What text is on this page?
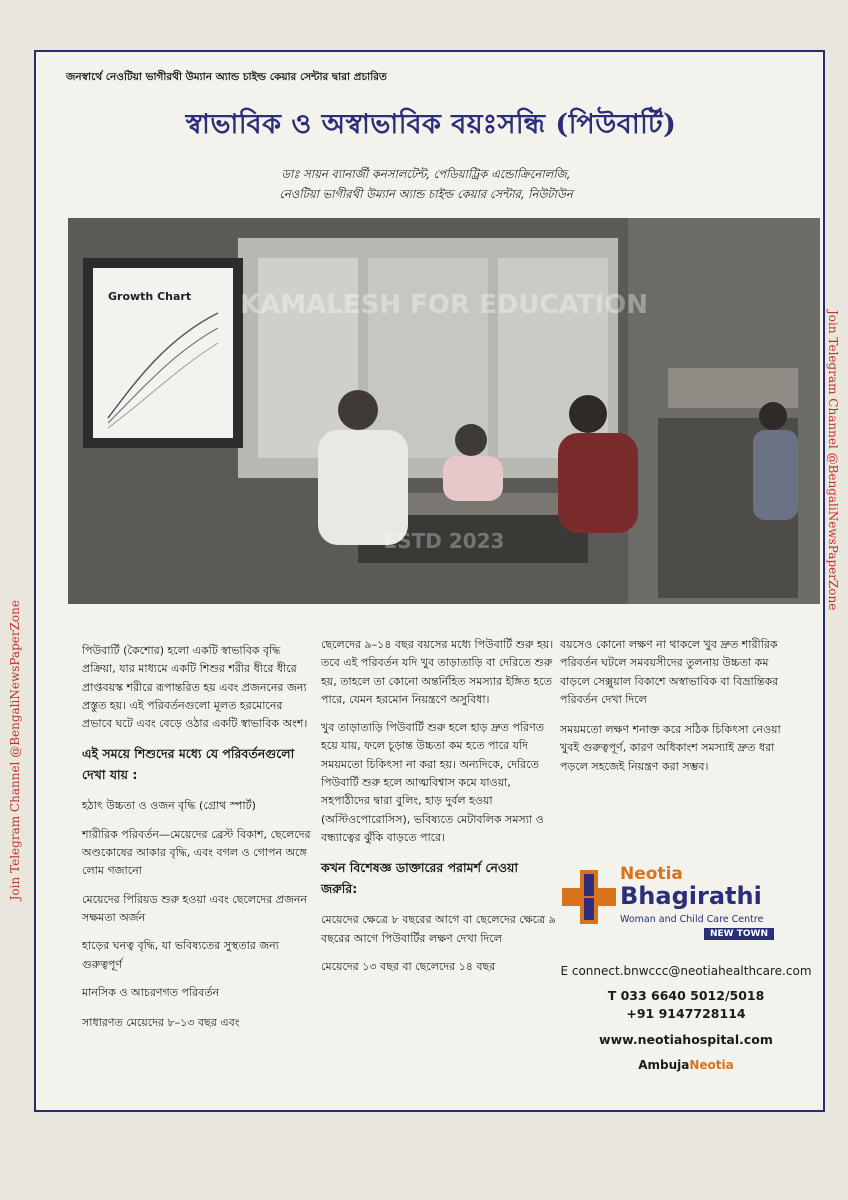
Join Telegram Channel @BengaliNewsPaperZone
Join Telegram Channel @BengaliNewsPaperZone
জনস্বার্থে নেওটিয়া ভাগীরথী উম্যান অ্যান্ড চাইল্ড কেয়ার সেন্টার দ্বারা প্রচারিত
স্বাভাবিক ও অস্বাভাবিক বয়ঃসন্ধি (পিউবার্টি)
ডাঃ সায়ন ব্যানার্জী কনসালটেন্ট, পেডিয়াট্রিক এন্ডোক্রিনোলজি,
নেওটিয়া ভাগীরথী উম্যান অ্যান্ড চাইল্ড কেয়ার সেন্টার, নিউটাউন
Growth Chart KAMALESH FOR EDUCATION
ESTD 2023

পিউবার্টি (কৈশোর) হলো একটি স্বাভাবিক বৃদ্ধি প্রক্রিয়া, যার মাধ্যমে একটি শিশুর শরীর ধীরে ধীরে প্রাপ্তবয়স্ক শরীরে রূপান্তরিত হয় এবং প্রজননের জন্য প্রস্তুত হয়। এই পরিবর্তনগুলো মূলত হরমোনের প্রভাবে ঘটে এবং বেড়ে ওঠার একটি স্বাভাবিক অংশ।

এই সময়ে শিশুদের মধ্যে যে পরিবর্তনগুলো দেখা যায় :

হঠাৎ উচ্চতা ও ওজন বৃদ্ধি (গ্রোথ স্পার্ট)

শারীরিক পরিবর্তন—মেয়েদের ব্রেস্ট বিকাশ, ছেলেদের অণ্ডকোষের আকার বৃদ্ধি, এবং বগল ও গোপন অঙ্গে লোম গজানো

মেয়েদের পিরিয়ড শুরু হওয়া এবং ছেলেদের প্রজনন সক্ষমতা অর্জন

হাড়ের ঘনত্ব বৃদ্ধি, যা ভবিষ্যতের সুস্থতার জন্য গুরুত্বপূর্ণ

মানসিক ও আচরণগত পরিবর্তন

সাধারণত মেয়েদের ৮–১৩ বছর এবং

ছেলেদের ৯–১৪ বছর বয়সের মধ্যে পিউবার্টি শুরু হয়। তবে এই পরিবর্তন যদি খুব তাড়াতাড়ি বা দেরিতে শুরু হয়, তাহলে তা কোনো অন্তর্নিহিত সমস্যার ইঙ্গিত হতে পারে, যেমন হরমোন নিয়ন্ত্রণে অসুবিধা।

খুব তাড়াতাড়ি পিউবার্টি শুরু হলে হাড় দ্রুত পরিণত হয়ে যায়, ফলে চূড়ান্ত উচ্চতা কম হতে পারে যদি সময়মতো চিকিৎসা না করা হয়। অন্যদিকে, দেরিতে পিউবার্টি শুরু হলে আত্মবিশ্বাস কমে যাওয়া, সহপাঠীদের দ্বারা বুলিং, হাড় দুর্বল হওয়া (অস্টিওপোরোসিস), ভবিষ্যতে মেটাবলিক সমস্যা ও বন্ধ্যাত্বের ঝুঁকি বাড়তে পারে।

কখন বিশেষজ্ঞ ডাক্তারের পরামর্শ নেওয়া জরুরি:

মেয়েদের ক্ষেত্রে ৮ বছরের আগে বা ছেলেদের ক্ষেত্রে ৯ বছরের আগে পিউবার্টির লক্ষণ দেখা দিলে

মেয়েদের ১৩ বছর বা ছেলেদের ১৪ বছর

বয়সেও কোনো লক্ষণ না থাকলে খুব দ্রুত শারীরিক পরিবর্তন ঘটলে সমবয়সীদের তুলনায় উচ্চতা কম বাড়লে সেক্সুয়াল বিকাশে অস্বাভাবিক বা বিভ্রান্তিকর পরিবর্তন দেখা দিলে

সময়মতো লক্ষণ শনাক্ত করে সঠিক চিকিৎসা নেওয়া খুবই গুরুত্বপূর্ণ, কারণ অধিকাংশ সমস্যাই দ্রুত ধরা পড়লে সহজেই নিয়ন্ত্রণ করা সম্ভব।

Neotia
Bhagirathi
Woman and Child Care Centre
NEW TOWN
E connect.bnwccc@neotiahealthcare.com
T 033 6640 5012/5018
+91 9147728114
www.neotiahospital.com
AmbujaNeotia
